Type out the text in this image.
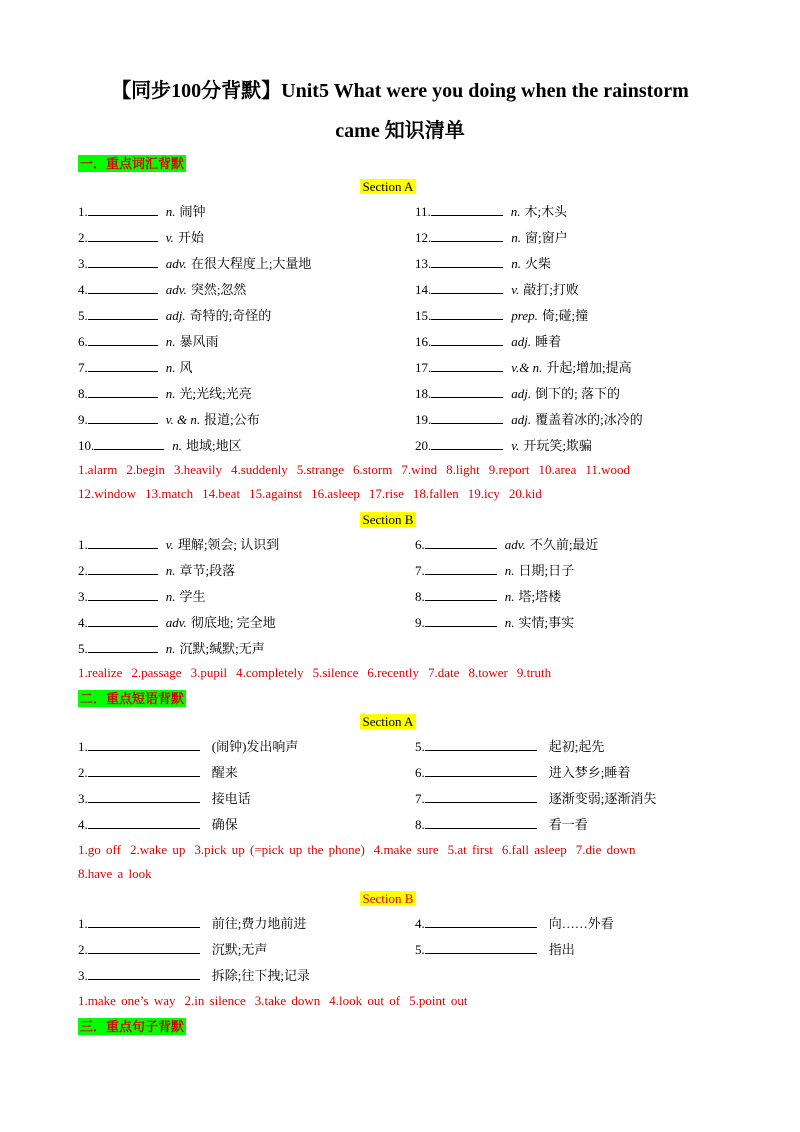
【同步100分背默】Unit5 What were you doing when the rainstorm
came 知识清单
一．重点词汇背默
Section A
1.	n. 闹钟
2.	v. 开始
3.	adv. 在很大程度上;大量地
4.	adv. 突然;忽然
5.	adj. 奇特的;奇怪的
6.	n. 暴风雨
7.	n. 风
8.	n. 光;光线;光亮
9.	v. & n. 报道;公布
10.	n. 地域;地区
11.	n. 木;木头
12.	n. 窗;窗户
13.	n. 火柴
14.	v. 敲打;打败
15.	prep. 倚;碰;撞
16.	adj. 睡着
17.	v.& n. 升起;增加;提高
18.	adj. 倒下的; 落下的
19.	adj. 覆盖着冰的;冰冷的
20.	v. 开玩笑;欺骗
1.alarm 2.begin 3.heavily 4.suddenly 5.strange 6.storm 7.wind 8.light 9.report 10.area 11.wood
12.window 13.match 14.beat 15.against 16.asleep 17.rise 18.fallen 19.icy 20.kid
Section B
1.	v. 理解;领会; 认识到
2.	n. 章节;段落
3.	n. 学生
4.	adv. 彻底地; 完全地
5.	n. 沉默;缄默;无声
6.	adv. 不久前;最近
7.	n. 日期;日子
8.	n. 塔;塔楼
9.	n. 实情;事实
1.realize 2.passage 3.pupil 4.completely 5.silence 6.recently 7.date 8.tower 9.truth
二．重点短语背默
Section A
1.	(闹钟)发出响声
2.	醒来
3.	接电话
4.	确保
5.	起初;起先
6.	进入梦乡;睡着
7.	逐渐变弱;逐渐消失
8.	看一看
1.go off 2.wake up 3.pick up (=pick up the phone) 4.make sure 5.at first 6.fall asleep 7.die down
8.have a look
Section B
1.	前往;费力地前进
2.	沉默;无声
3.	拆除;往下拽;记录
4.	向……外看
5.	指出
1.make one’s way 2.in silence 3.take down 4.look out of 5.point out
三．重点句子背默
